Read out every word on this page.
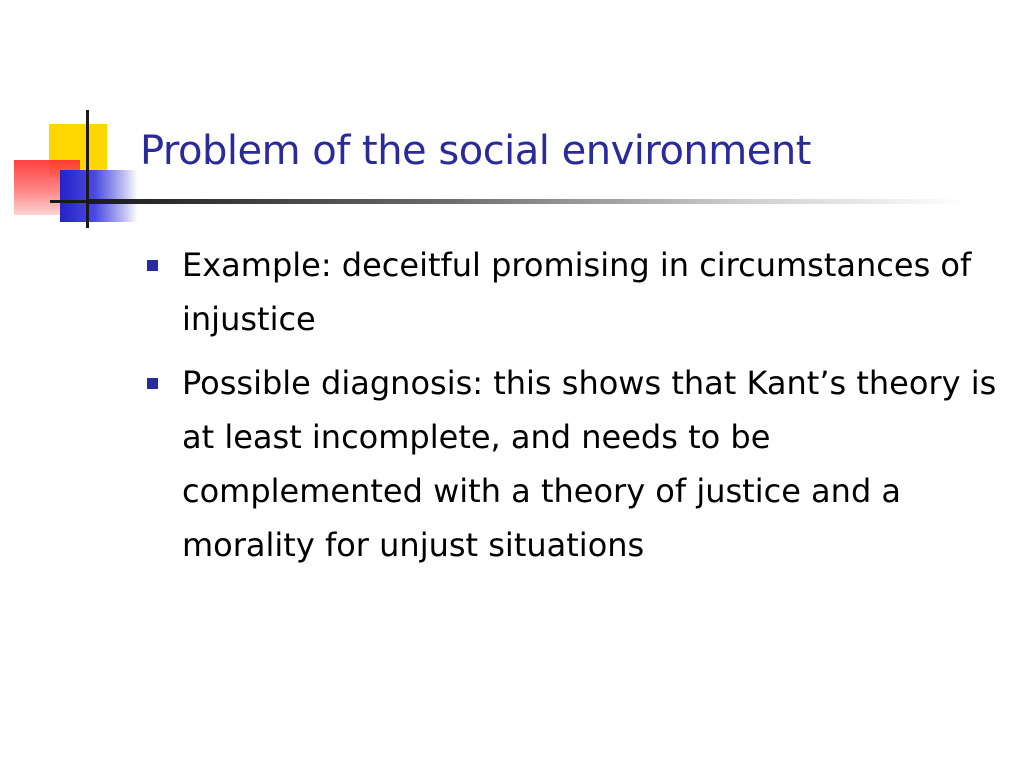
Problem of the social environment
Example: deceitful promising in circumstances of injustice
Possible diagnosis: this shows that Kant’s theory is at least incomplete, and needs to be complemented with a theory of justice and a morality for unjust situations
